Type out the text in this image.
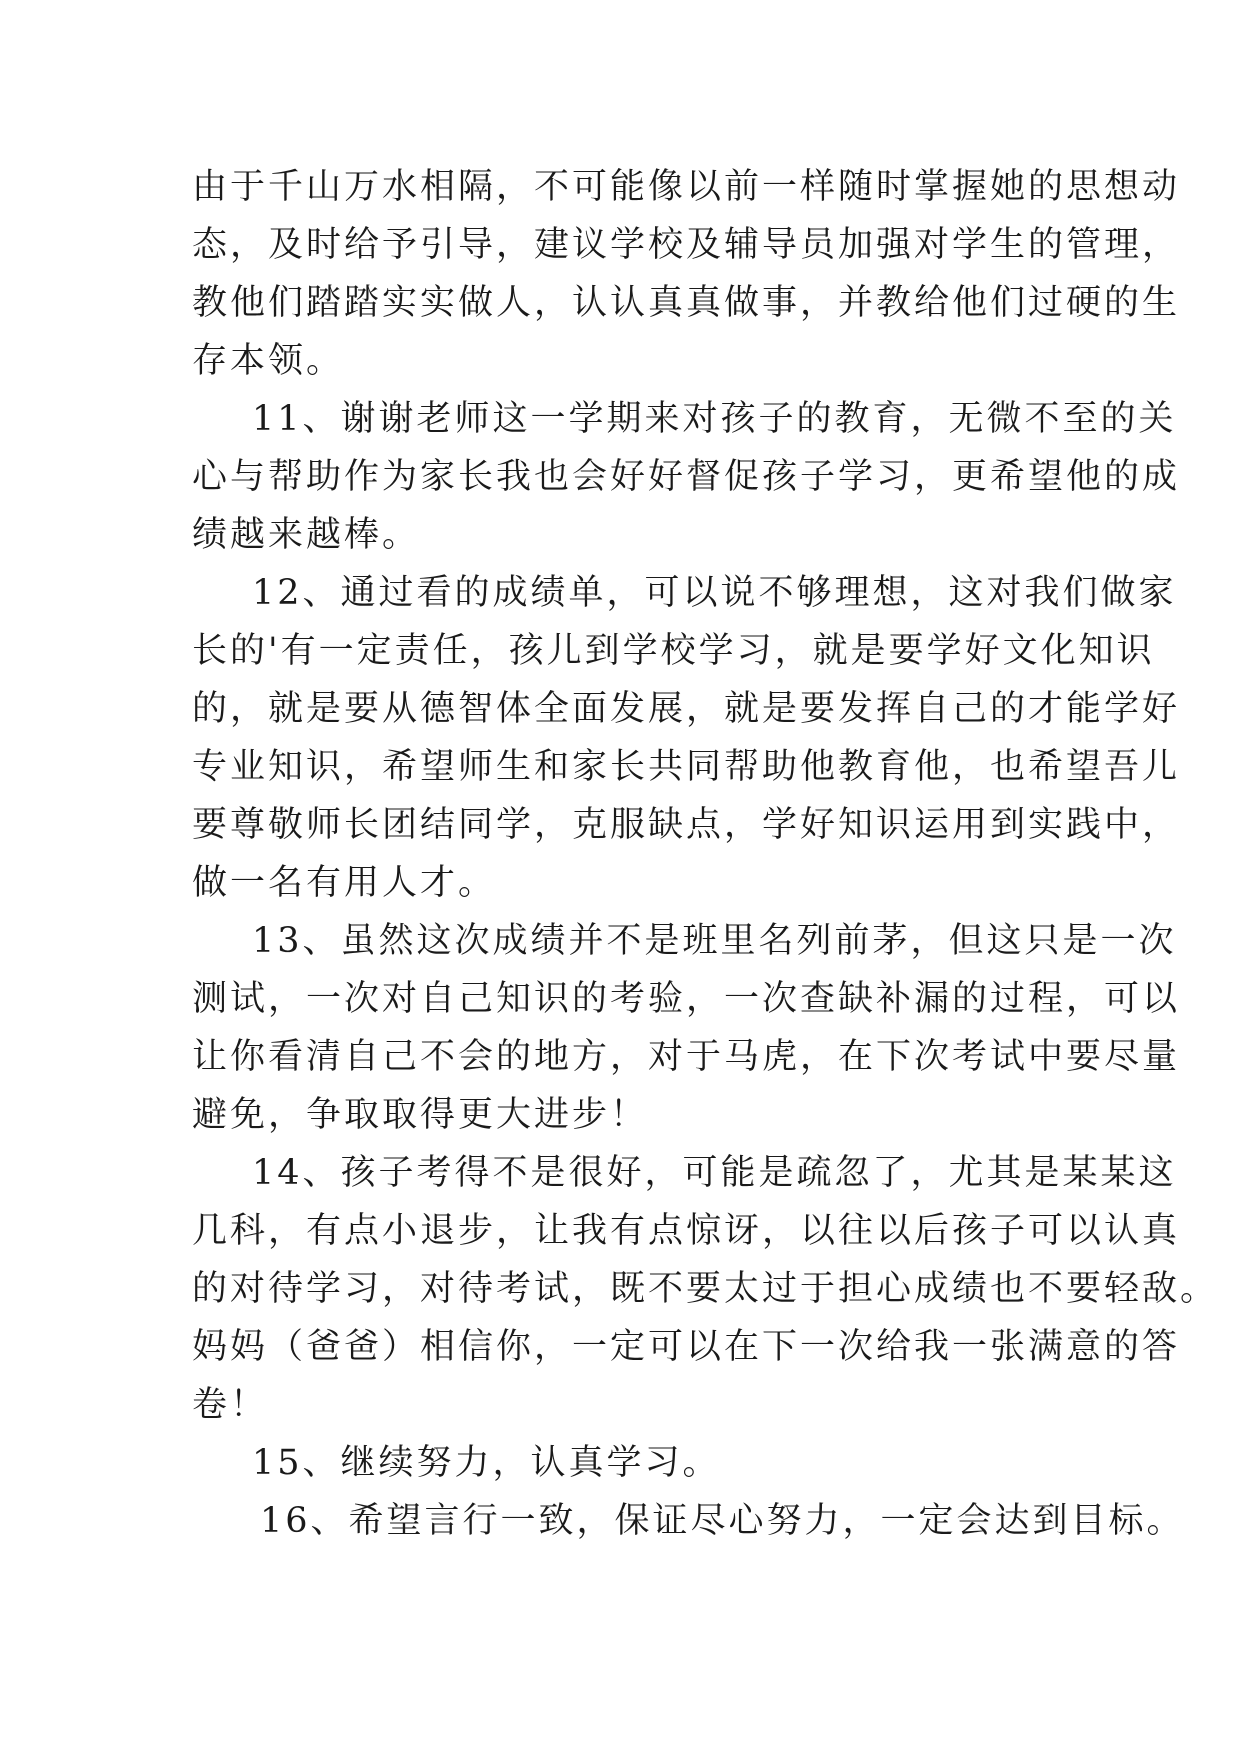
由于千山万水相隔，不可能像以前一样随时掌握她的思想动
态，及时给予引导，建议学校及辅导员加强对学生的管理，
教他们踏踏实实做人，认认真真做事，并教给他们过硬的生
存本领。
11、谢谢老师这一学期来对孩子的教育，无微不至的关
心与帮助作为家长我也会好好督促孩子学习，更希望他的成
绩越来越棒。
12、通过看的成绩单，可以说不够理想，这对我们做家
长的'有一定责任，孩儿到学校学习，就是要学好文化知识
的，就是要从德智体全面发展，就是要发挥自己的才能学好
专业知识，希望师生和家长共同帮助他教育他，也希望吾儿
要尊敬师长团结同学，克服缺点，学好知识运用到实践中，
做一名有用人才。
13、虽然这次成绩并不是班里名列前茅，但这只是一次
测试，一次对自己知识的考验，一次查缺补漏的过程，可以
让你看清自己不会的地方，对于马虎，在下次考试中要尽量
避免，争取取得更大进步！
14、孩子考得不是很好，可能是疏忽了，尤其是某某这
几科，有点小退步，让我有点惊讶，以往以后孩子可以认真
的对待学习，对待考试，既不要太过于担心成绩也不要轻敌。
妈妈（爸爸）相信你，一定可以在下一次给我一张满意的答
卷！
15、继续努力，认真学习。
16、希望言行一致，保证尽心努力，一定会达到目标。
